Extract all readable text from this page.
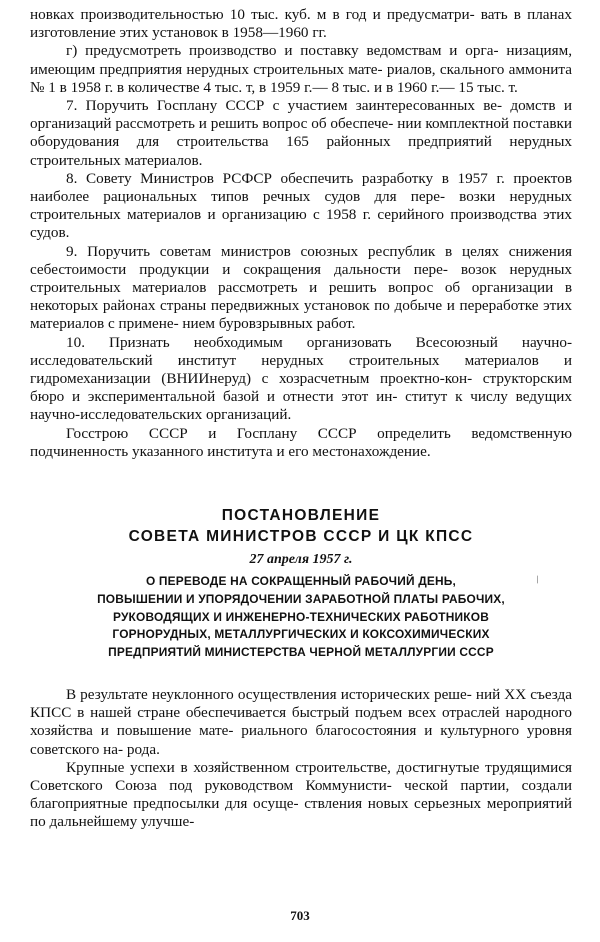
новках производительностью 10 тыс. куб. м в год и предусматри- вать в планах изготовление этих установок в 1958—1960 гг.

г) предусмотреть производство и поставку ведомствам и орга- низациям, имеющим предприятия нерудных строительных мате- риалов, скального аммонита № 1 в 1958 г. в количестве 4 тыс. т, в 1959 г.— 8 тыс. и в 1960 г.— 15 тыс. т.

7. Поручить Госплану СССР с участием заинтересованных ве- домств и организаций рассмотреть и решить вопрос об обеспече- нии комплектной поставки оборудования для строительства 165 районных предприятий нерудных строительных материалов.

8. Совету Министров РСФСР обеспечить разработку в 1957 г. проектов наиболее рациональных типов речных судов для пере- возки нерудных строительных материалов и организацию с 1958 г. серийного производства этих судов.

9. Поручить советам министров союзных республик в целях снижения себестоимости продукции и сокращения дальности пере- возок нерудных строительных материалов рассмотреть и решить вопрос об организации в некоторых районах страны передвижных установок по добыче и переработке этих материалов с примене- нием буровзрывных работ.

10. Признать необходимым организовать Всесоюзный научно- исследовательский институт нерудных строительных материалов и гидромеханизации (ВНИИнеруд) с хозрасчетным проектно-кон- структорским бюро и экспериментальной базой и отнести этот ин- ститут к числу ведущих научно-исследовательских организаций.

Госстрою СССР и Госплану СССР определить ведомственную подчиненность указанного института и его местонахождение.

ПОСТАНОВЛЕНИЕ
СОВЕТА МИНИСТРОВ СССР И ЦК КПСС
27 апреля 1957 г.
О ПЕРЕВОДЕ НА СОКРАЩЕННЫЙ РАБОЧИЙ ДЕНЬ,
ПОВЫШЕНИИ И УПОРЯДОЧЕНИИ ЗАРАБОТНОЙ ПЛАТЫ РАБОЧИХ,
РУКОВОДЯЩИХ И ИНЖЕНЕРНО-ТЕХНИЧЕСКИХ РАБОТНИКОВ
ГОРНОРУДНЫХ, МЕТАЛЛУРГИЧЕСКИХ И КОКСОХИМИЧЕСКИХ
ПРЕДПРИЯТИЙ МИНИСТЕРСТВА ЧЕРНОЙ МЕТАЛЛУРГИИ СССР

В результате неуклонного осуществления исторических реше- ний XX съезда КПСС в нашей стране обеспечивается быстрый подъем всех отраслей народного хозяйства и повышение мате- риального благосостояния и культурного уровня советского на- рода.

Крупные успехи в хозяйственном строительстве, достигнутые трудящимися Советского Союза под руководством Коммунисти- ческой партии, создали благоприятные предпосылки для осуще- ствления новых серьезных мероприятий по дальнейшему улучше-

/
703
